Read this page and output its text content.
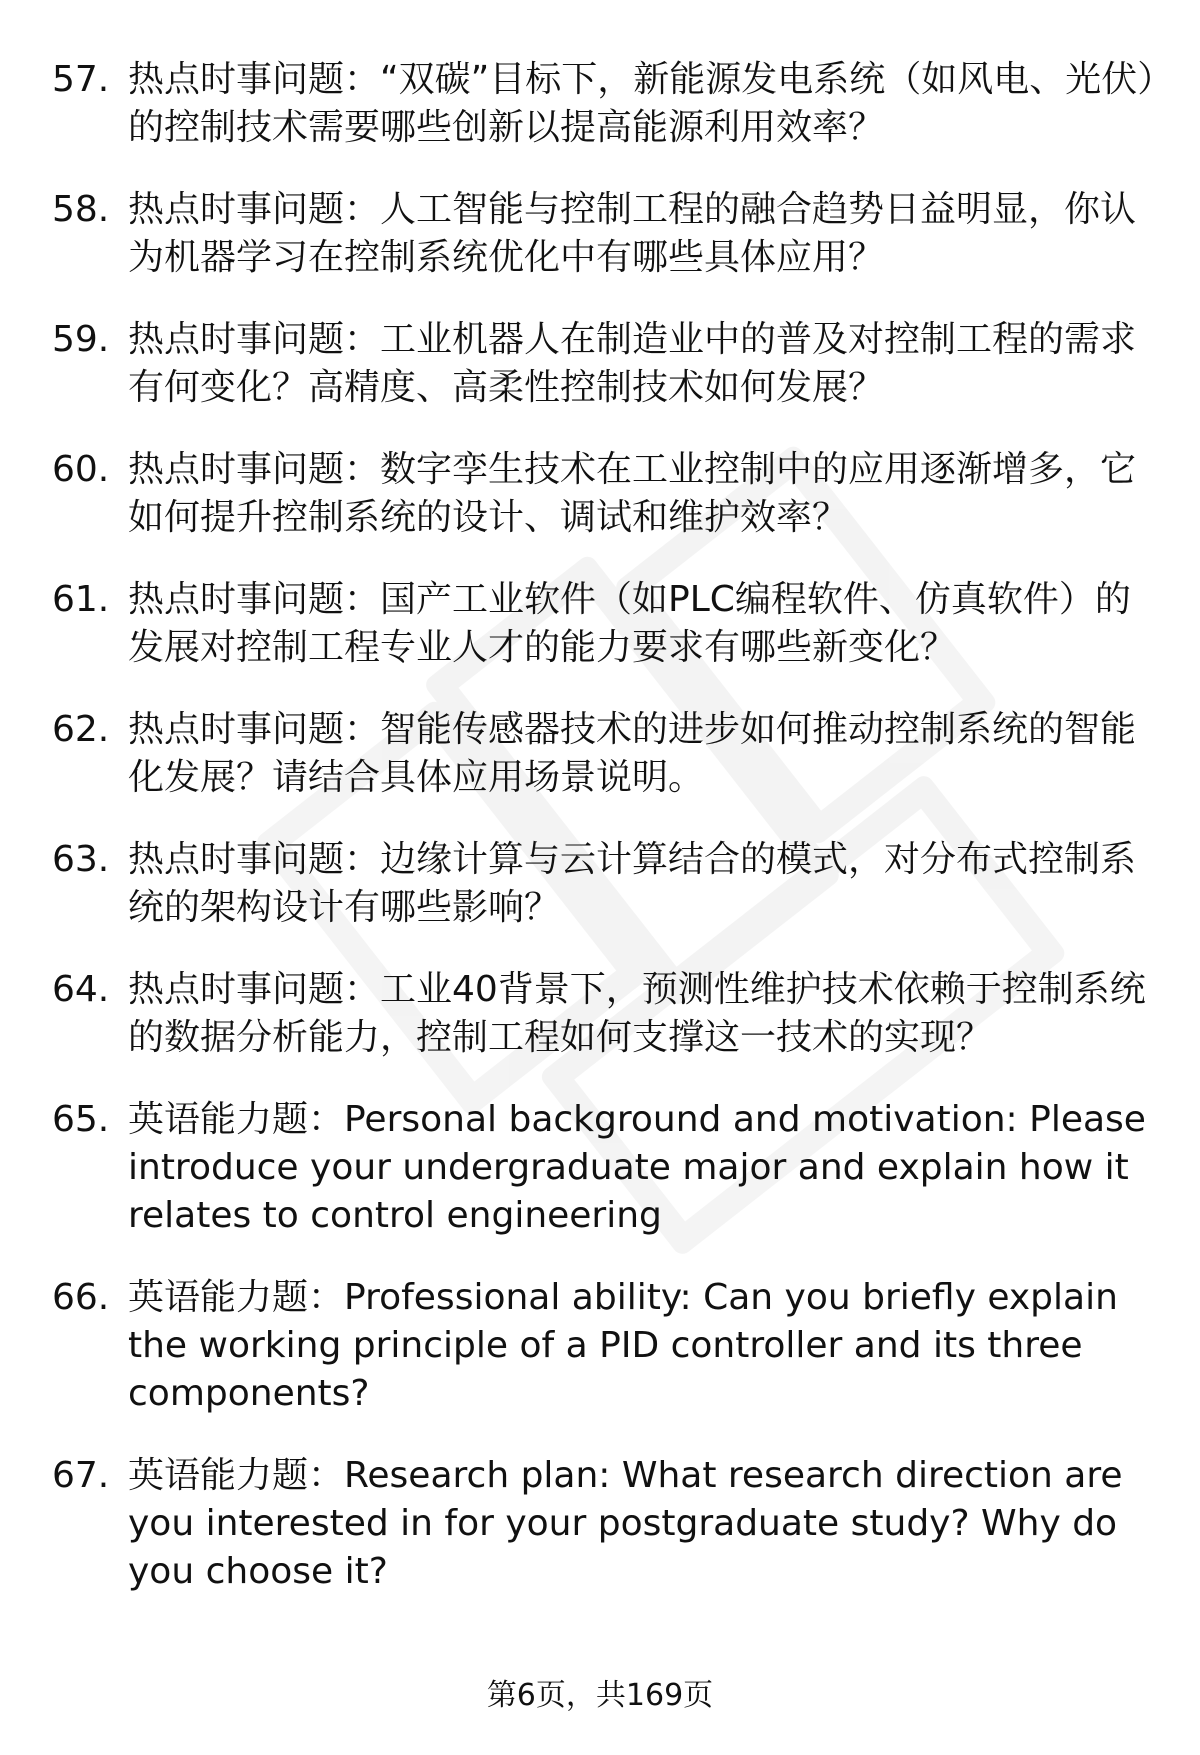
57. 热点时事问题：“双碳”目标下，新能源发电系统（如风电、光伏）的控制技术需要哪些创新以提高能源利用效率？
58. 热点时事问题：人工智能与控制工程的融合趋势日益明显，你认为机器学习在控制系统优化中有哪些具体应用？
59. 热点时事问题：工业机器人在制造业中的普及对控制工程的需求有何变化？高精度、高柔性控制技术如何发展？
60. 热点时事问题：数字孪生技术在工业控制中的应用逐渐增多，它如何提升控制系统的设计、调试和维护效率？
61. 热点时事问题：国产工业软件（如PLC编程软件、仿真软件）的发展对控制工程专业人才的能力要求有哪些新变化？
62. 热点时事问题：智能传感器技术的进步如何推动控制系统的智能化发展？请结合具体应用场景说明。
63. 热点时事问题：边缘计算与云计算结合的模式，对分布式控制系统的架构设计有哪些影响？
64. 热点时事问题：工业40背景下，预测性维护技术依赖于控制系统的数据分析能力，控制工程如何支撑这一技术的实现？
65. 英语能力题：Personal background and motivation: Please introduce your undergraduate major and explain how it relates to control engineering
66. 英语能力题：Professional ability: Can you briefly explain the working principle of a PID controller and its three components?
67. 英语能力题：Research plan: What research direction are you interested in for your postgraduate study? Why do you choose it?
第6页，共169页
